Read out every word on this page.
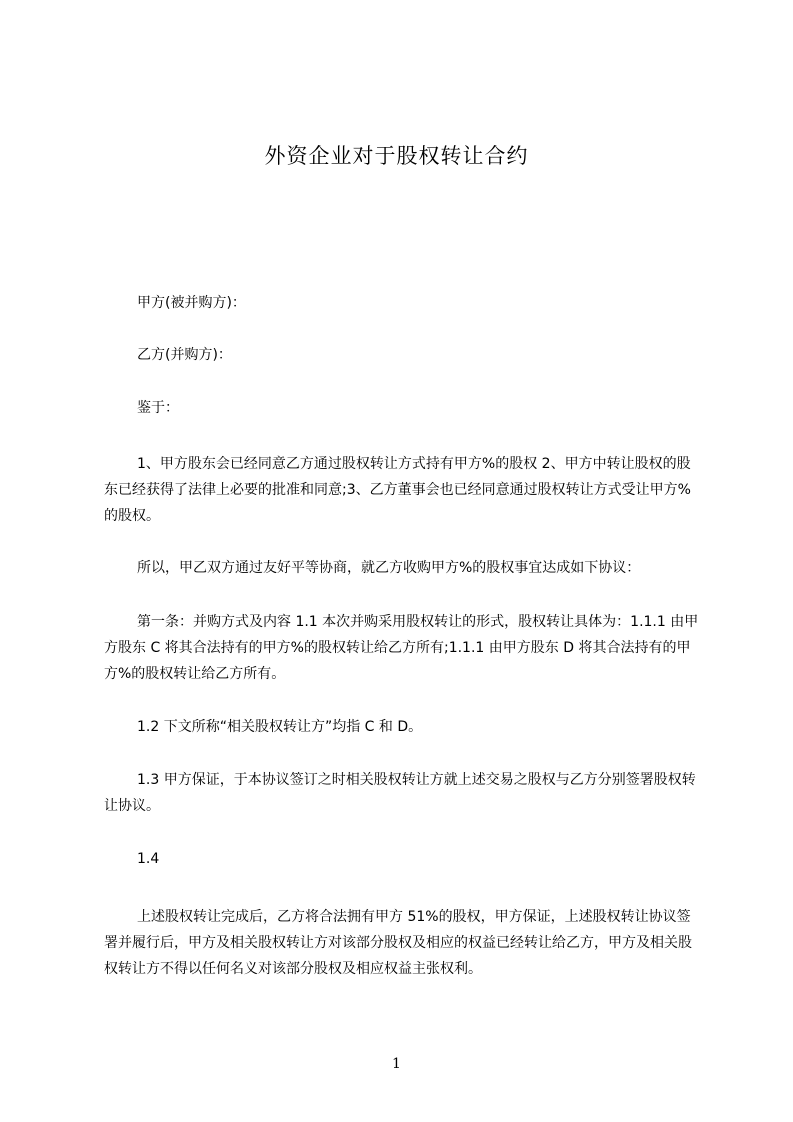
外资企业对于股权转让合约

甲方(被并购方)：

乙方(并购方)：

鉴于：

1、甲方股东会已经同意乙方通过股权转让方式持有甲方%的股权 2、甲方中转让股权的股东已经获得了法律上必要的批准和同意;3、乙方董事会也已经同意通过股权转让方式受让甲方%的股权。

所以，甲乙双方通过友好平等协商，就乙方收购甲方%的股权事宜达成如下协议：

第一条：并购方式及内容 1.1 本次并购采用股权转让的形式，股权转让具体为：1.1.1 由甲方股东 C 将其合法持有的甲方%的股权转让给乙方所有;1.1.1 由甲方股东 D 将其合法持有的甲方%的股权转让给乙方所有。

1.2 下文所称“相关股权转让方”均指 C 和 D。

1.3 甲方保证，于本协议签订之时相关股权转让方就上述交易之股权与乙方分别签署股权转让协议。

1.4

上述股权转让完成后，乙方将合法拥有甲方 51%的股权，甲方保证，上述股权转让协议签署并履行后，甲方及相关股权转让方对该部分股权及相应的权益已经转让给乙方，甲方及相关股权转让方不得以任何名义对该部分股权及相应权益主张权利。

1
